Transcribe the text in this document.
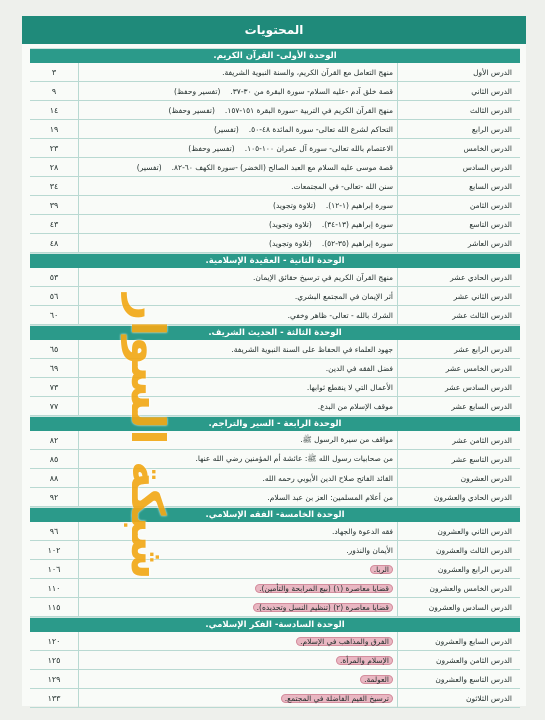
المحتويات
الوحدة الأولى- القرآن الكريم.
الدرس الأول
منهج التعامل مع القرآن الكريم، والسنة النبوية الشريفة.
٣
الدرس الثاني
قصة خلق آدم -عليه السلام- سورة البقرة من ٣٠-٣٧.
(تفسير وحفظ)
٩
الدرس الثالث
منهج القرآن الكريم في التربية -سورة البقرة ١٥١-١٥٧.
(تفسير وحفظ)
١٤
الدرس الرابع
التحاكم لشرع الله تعالى- سورة المائدة ٤٨-٥٠.
(تفسير)
١٩
الدرس الخامس
الاعتصام بالله تعالى- سورة آل عمران ١٠٠-١٠٥.
(تفسير وحفظ)
٢٣
الدرس السادس
قصة موسى عليه السلام مع العبد الصالح (الخضر) -سورة الكهف ٦٠-٨٢.
(تفسير)
٢٨
الدرس السابع
سنن الله -تعالى- في المجتمعات.
٣٤
الدرس الثامن
سورة إبراهيم (١-١٢).
(تلاوة وتجويد)
٣٩
الدرس التاسع
سورة إبراهيم (١٣-٣٤).
(تلاوة وتجويد)
٤٣
الدرس العاشر
سورة إبراهيم (٣٥-٥٢).
(تلاوة وتجويد)
٤٨
الوحدة الثانية - العقيدة الإسلامية.
الدرس الحادي عشر
منهج القرآن الكريم في ترسيخ حقائق الإيمان.
٥٣
الدرس الثاني عشر
أثر الإيمان في المجتمع البشري.
٥٦
الدرس الثالث عشر
الشرك بالله - تعالى- ظاهر وخفي.
٦٠
الوحدة الثالثة - الحديث الشريف.
الدرس الرابع عشر
جهود العلماء في الحفاظ على السنة النبوية الشريفة.
٦٥
الدرس الخامس عشر
فضل الفقه في الدين.
٦٩
الدرس السادس عشر
الأعمال التي لا ينقطع ثوابها.
٧٣
الدرس السابع عشر
موقف الإسلام من البدع.
٧٧
الوحدة الرابعة - السير والتراجم.
الدرس الثامن عشر
مواقف من سيرة الرسول ﷺ.
٨٢
الدرس التاسع عشر
من صحابيات رسول الله ﷺ: عائشة أم المؤمنين رضي الله عنها.
٨٥
الدرس العشرون
القائد الفاتح صلاح الدين الأيوبي رحمه الله.
٨٨
الدرس الحادي والعشرون
من أعلام المسلمين: العز بن عبد السلام.
٩٢
الوحدة الخامسة- الفقه الإسلامي.
الدرس الثاني والعشرون
فقه الدعوة والجهاد.
٩٦
الدرس الثالث والعشرون
الأيمان والنذور.
١٠٢
الدرس الرابع والعشرون
الربا.
١٠٦
الدرس الخامس والعشرون
قضايا معاصرة (١) (بيع المرابحة والتأمين).
١١٠
الدرس السادس والعشرون
قضايا معاصرة (٢) (تنظيم النسل وتحديده).
١١٥
الوحدة السادسة- الفكر الإسلامي.
الدرس السابع والعشرون
الفرق والمذاهب في الإسلام.
١٢٠
الدرس الثامن والعشرون
الإسلام والمرأة.
١٢٥
الدرس التاسع والعشرون
العولمة.
١٢٩
الدرس الثلاثون
ترسيخ القيم الفاضلة في المجتمع.
١٣٣
شبكة السوار
